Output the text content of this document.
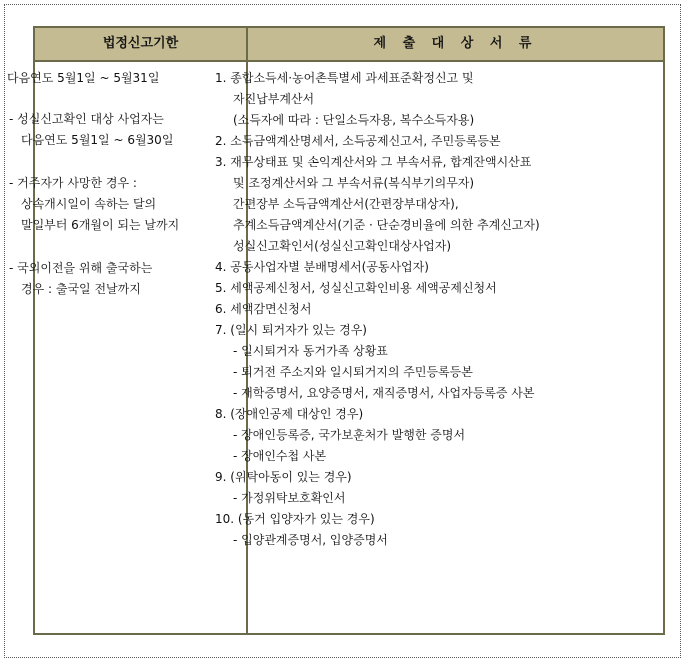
법정신고기한	제 출 대 상 서 류
다음연도 5월1일 ~ 5월31일
- 성실신고확인 대상 사업자는
다음연도 5월1일 ~ 6월30일
- 거주자가 사망한 경우 :
상속개시일이 속하는 달의
말일부터 6개월이 되는 날까지
- 국외이전을 위해 출국하는
경우 : 출국일 전날까지
1. 종합소득세·농어촌특별세 과세표준확정신고 및
자진납부계산서
(소득자에 따라 : 단일소득자용, 복수소득자용)
2. 소득금액계산명세서, 소득공제신고서, 주민등록등본
3. 재무상태표 및 손익계산서와 그 부속서류, 합계잔액시산표
및 조정계산서와 그 부속서류(복식부기의무자)
간편장부 소득금액계산서(간편장부대상자),
추계소득금액계산서(기준 · 단순경비율에 의한 추계신고자)
성실신고확인서(성실신고확인대상사업자)
4. 공동사업자별 분배명세서(공동사업자)
5. 세액공제신청서, 성실신고확인비용 세액공제신청서
6. 세액감면신청서
7. (일시 퇴거자가 있는 경우)
- 일시퇴거자 동거가족 상황표
- 퇴거전 주소지와 일시퇴거지의 주민등록등본
- 재학증명서, 요양증명서, 재직증명서, 사업자등록증 사본
8. (장애인공제 대상인 경우)
- 장애인등록증, 국가보훈처가 발행한 증명서
- 장애인수첩 사본
9. (위탁아동이 있는 경우)
- 가정위탁보호확인서
10. (동거 입양자가 있는 경우)
- 입양관계증명서, 입양증명서
